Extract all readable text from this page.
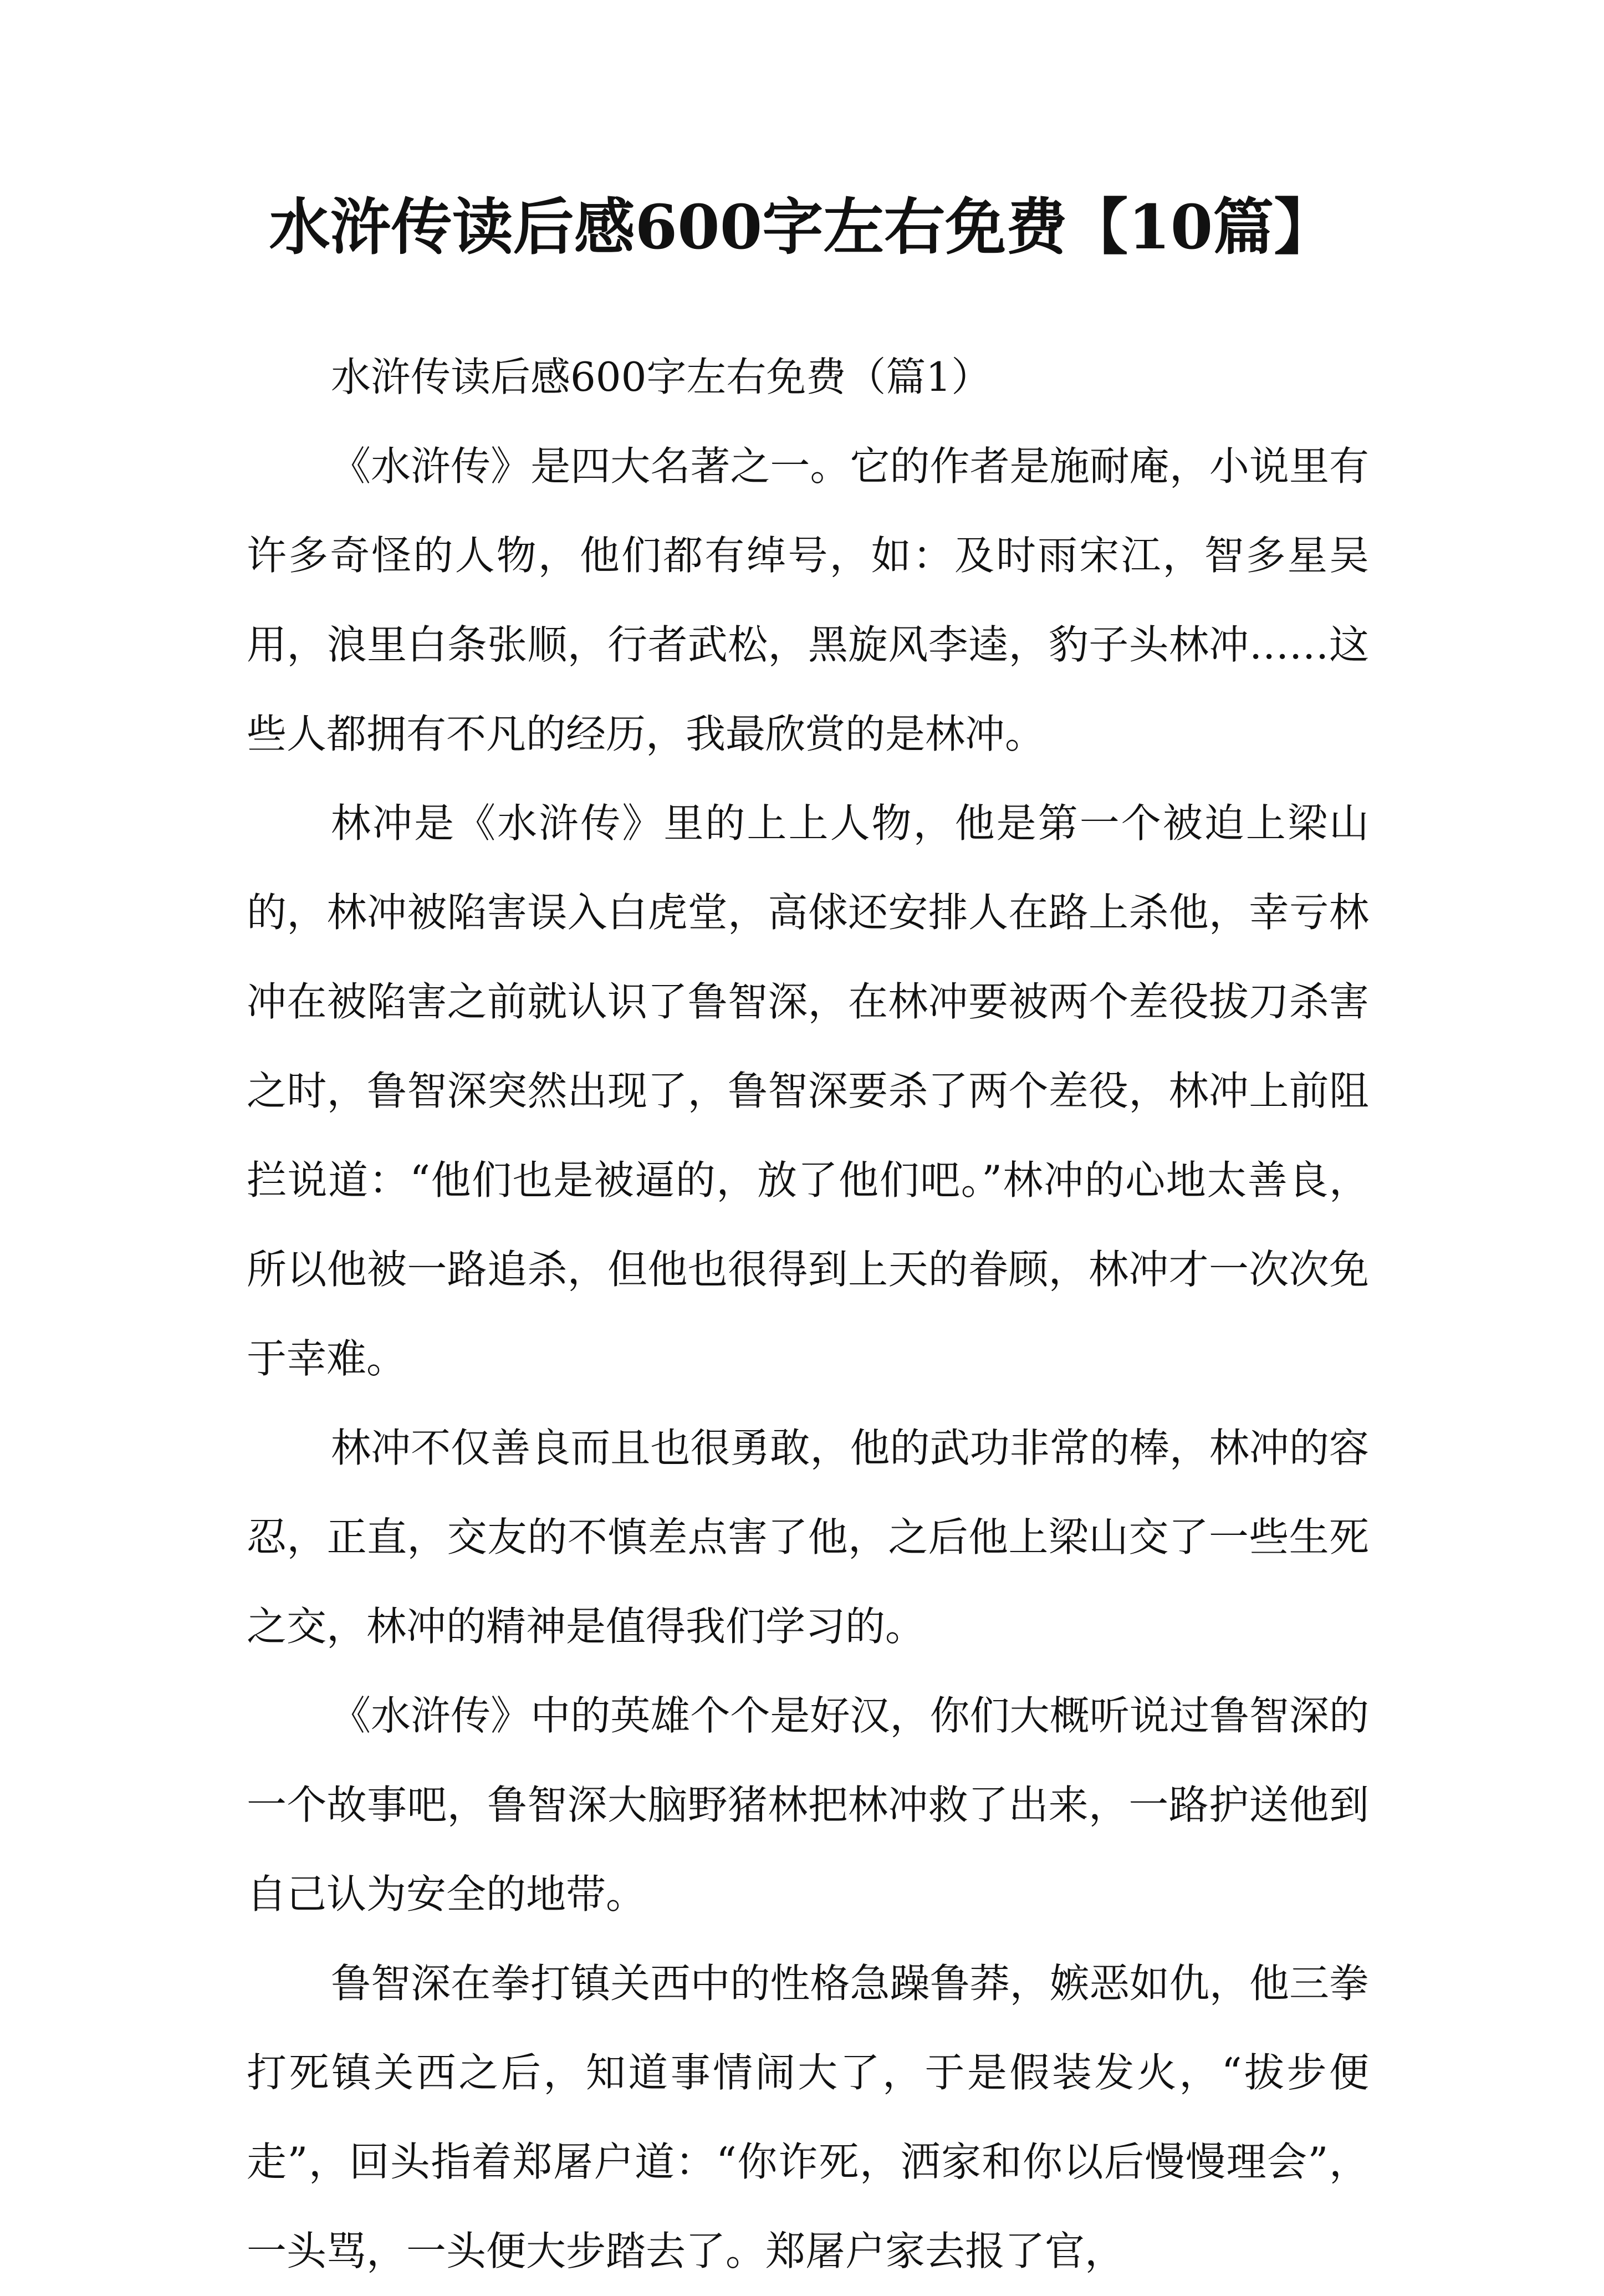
水浒传读后感600字左右免费【10篇】

水浒传读后感600字左右免费（篇1）

《水浒传》是四大名著之一。它的作者是施耐庵，小说里有许多奇怪的人物，他们都有绰号，如：及时雨宋江，智多星吴用，浪里白条张顺，行者武松，黑旋风李逵，豹子头林冲……这些人都拥有不凡的经历，我最欣赏的是林冲。

林冲是《水浒传》里的上上人物，他是第一个被迫上梁山的，林冲被陷害误入白虎堂，高俅还安排人在路上杀他，幸亏林冲在被陷害之前就认识了鲁智深，在林冲要被两个差役拔刀杀害之时，鲁智深突然出现了，鲁智深要杀了两个差役，林冲上前阻拦说道：“他们也是被逼的，放了他们吧。”林冲的心地太善良，所以他被一路追杀，但他也很得到上天的眷顾，林冲才一次次免于幸难。

林冲不仅善良而且也很勇敢，他的武功非常的棒，林冲的容忍，正直，交友的不慎差点害了他，之后他上梁山交了一些生死之交，林冲的精神是值得我们学习的。

《水浒传》中的英雄个个是好汉，你们大概听说过鲁智深的一个故事吧，鲁智深大脑野猪林把林冲救了出来，一路护送他到自己认为安全的地带。

鲁智深在拳打镇关西中的性格急躁鲁莽，嫉恶如仇，他三拳打死镇关西之后，知道事情闹大了，于是假装发火，“拔步便走”，回头指着郑屠户道：“你诈死，洒家和你以后慢慢理会”，一头骂，一头便大步踏去了。郑屠户家去报了官，
